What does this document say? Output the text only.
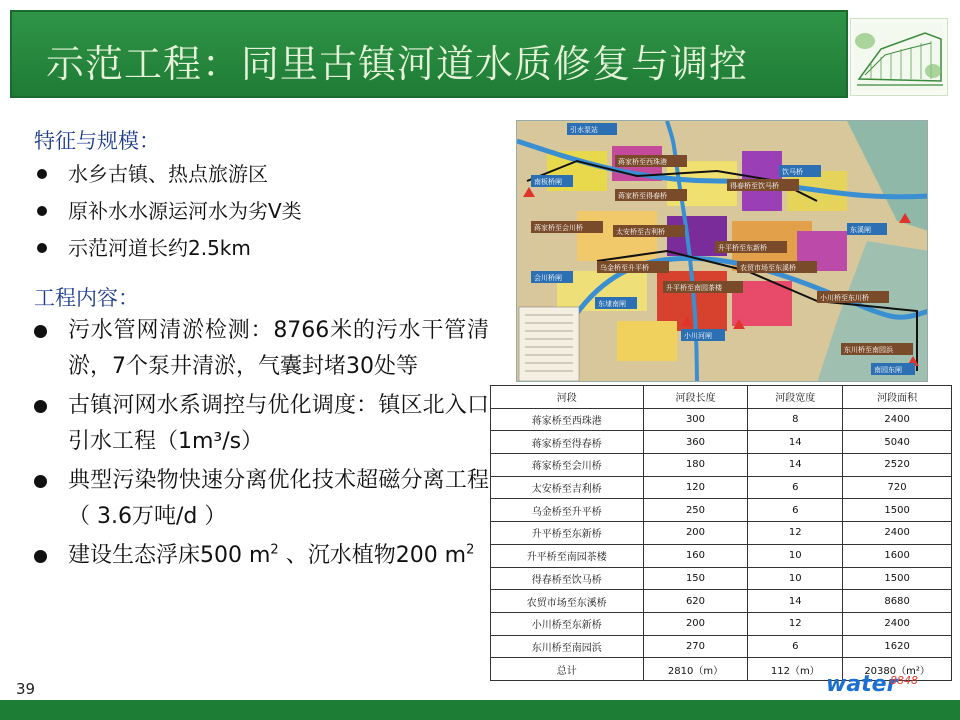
示范工程：同里古镇河道水质修复与调控
特征与规模：
水乡古镇、热点旅游区
原补水水源运河水为劣V类
示范河道长约2.5km
工程内容：
污水管网清淤检测：8766米的污水干管清淤，7个泵井清淤，气囊封堵30处等
古镇河网水系调控与优化调度：镇区北入口引水工程（1m³/s）
典型污染物快速分离优化技术超磁分离工程（ 3.6万吨/d ）
建设生态浮床500 $m^2$ 、沉水植物200 $m^2$
引水泵站
蒋家桥至西珠港
饮马桥
南板桥闸
蒋家桥至得春桥
得春桥至饮马桥
蒋家桥至会川桥	太安桥至吉利桥
升平桥至东新桥
东溪闸
会川桥闸
农贸市场至东溪桥
乌金桥至升平桥
升平桥至南园茶楼
东埭南闸
小川桥至东川桥
小川河闸
东川桥至南园浜
南园东闸
河段	河段长度	河段宽度	河段面积
蒋家桥至西珠港	300	8	2400
蒋家桥至得春桥	360	14	5040
蒋家桥至会川桥	180	14	2520
太安桥至吉利桥	120	6	720
乌金桥至升平桥	250	6	1500
升平桥至东新桥	200	12	2400
升平桥至南园茶楼	160	10	1600
得春桥至饮马桥	150	10	1500
农贸市场至东溪桥	620	14	8680
小川桥至东新桥	200	12	2400
东川桥至南园浜	270	6	1620
总计	2810（m）	112（m）	20380（m²）
39	water
8848
